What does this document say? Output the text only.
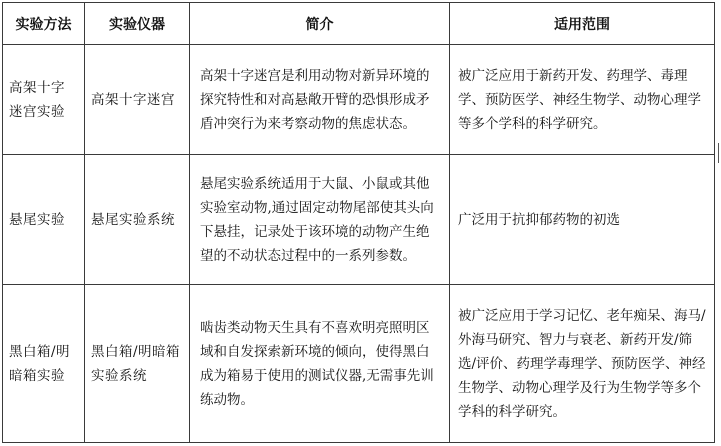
实验方法	实验仪器	简介	适用范围
高架十字迷宫实验	高架十字迷宫	高架十字迷宫是利用动物对新异环境的探究特性和对高悬敞开臂的恐惧形成矛盾冲突行为来考察动物的焦虑状态。	被广泛应用于新药开发、药理学、毒理学、预防医学、神经生物学、动物心理学等多个学科的科学研究。
悬尾实验	悬尾实验系统	悬尾实验系统适用于大鼠、小鼠或其他实验室动物,通过固定动物尾部使其头向下悬挂，记录处于该环境的动物产生绝望的不动状态过程中的一系列参数。	广泛用于抗抑郁药物的初选
黑白箱/明暗箱实验	黑白箱/明暗箱实验系统	啮齿类动物天生具有不喜欢明亮照明区域和自发探索新环境的倾向，使得黑白成为箱易于使用的测试仪器,无需事先训练动物。	被广泛应用于学习记忆、老年痴呆、海马/外海马研究、智力与衰老、新药开发/筛选/评价、药理学毒理学、预防医学、神经生物学、动物心理学及行为生物学等多个学科的科学研究。
